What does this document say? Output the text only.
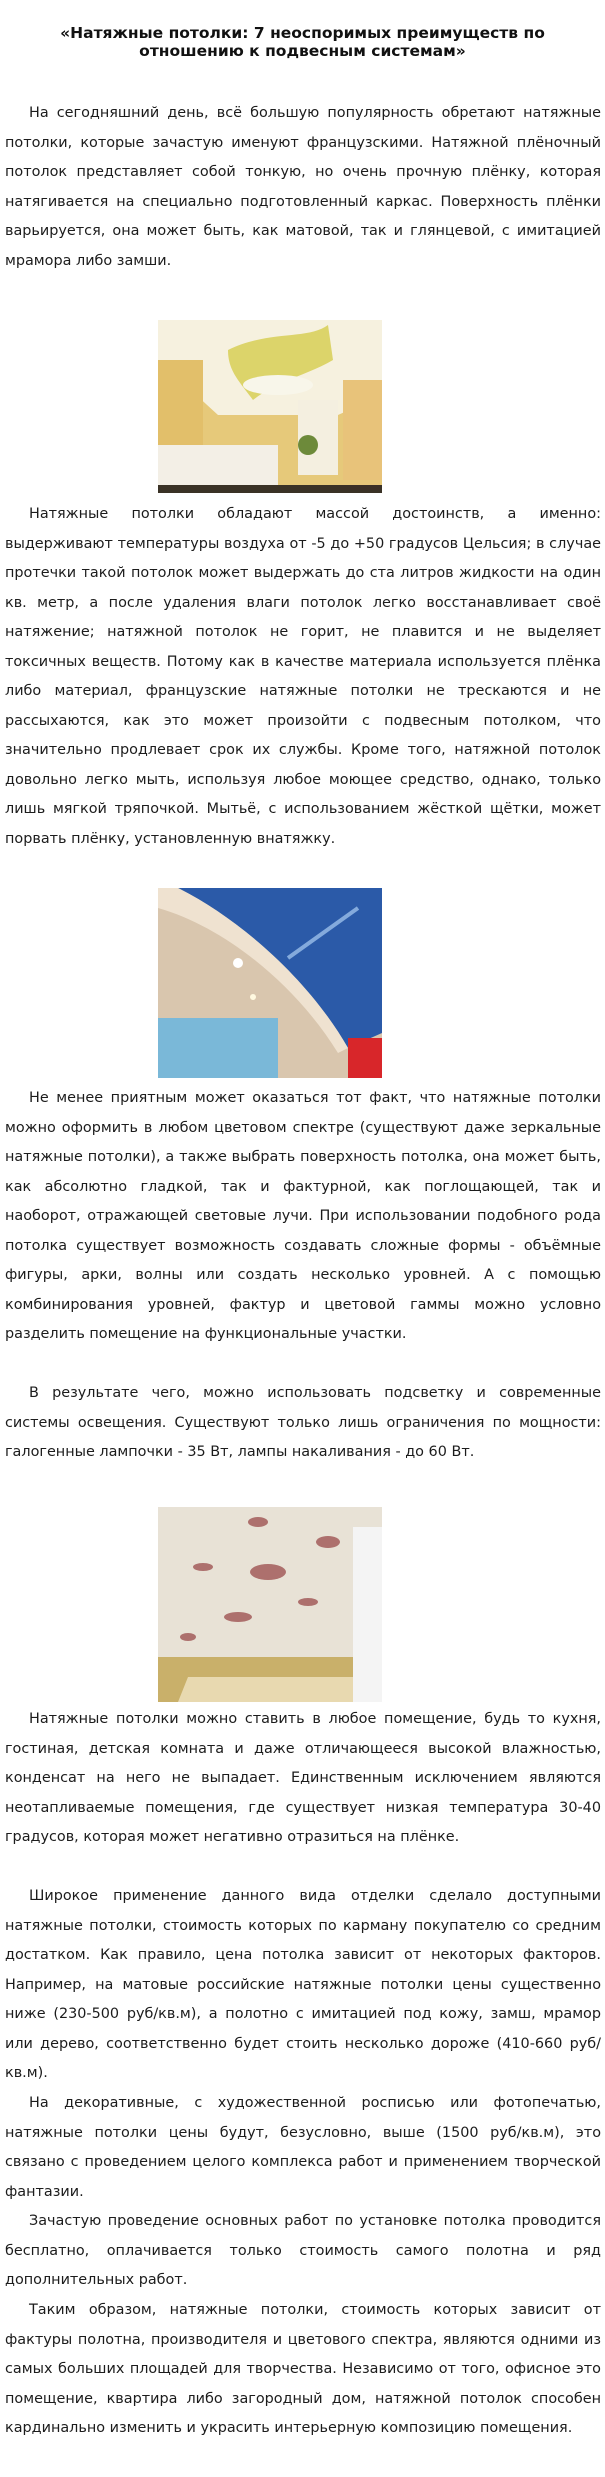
«Натяжные потолки: 7 неоспоримых преимуществ по отношению к подвесным системам»

На сегодняшний день, всё большую популярность обретают натяжные потолки, которые зачастую именуют французскими. Натяжной плёночный потолок представляет собой тонкую, но очень прочную плёнку, которая натягивается на специально подготовленный каркас. Поверхность плёнки варьируется, она может быть, как матовой, так и глянцевой, с имитацией мрамора либо замши.

Натяжные потолки обладают массой достоинств, а именно: выдерживают температуры воздуха от -5 до +50 градусов Цельсия; в случае протечки такой потолок может выдержать до ста литров жидкости на один кв. метр, а после удаления влаги потолок легко восстанавливает своё натяжение; натяжной потолок не горит, не плавится и не выделяет токсичных веществ. Потому как в качестве материала используется плёнка либо материал, французские натяжные потолки не трескаются и не рассыхаются, как это может произойти с подвесным потолком, что значительно продлевает срок их службы. Кроме того, натяжной потолок довольно легко мыть, используя любое моющее средство, однако, только лишь мягкой тряпочкой. Мытьё, с использованием жёсткой щётки, может порвать плёнку, установленную внатяжку.

Не менее приятным может оказаться тот факт, что натяжные потолки можно оформить в любом цветовом спектре (существуют даже зеркальные натяжные потолки), а также выбрать поверхность потолка, она может быть, как абсолютно гладкой, так и фактурной, как поглощающей, так и наоборот, отражающей световые лучи. При использовании подобного рода потолка существует возможность создавать сложные формы - объёмные фигуры, арки, волны или создать несколько уровней. А с помощью комбинирования уровней, фактур и цветовой гаммы можно условно разделить помещение на функциональные участки.

В результате чего, можно использовать подсветку и современные системы освещения. Существуют только лишь ограничения по мощности: галогенные лампочки - 35 Вт, лампы накаливания - до 60 Вт.

Натяжные потолки можно ставить в любое помещение, будь то кухня, гостиная, детская комната и даже отличающееся высокой влажностью, конденсат на него не выпадает. Единственным исключением являются неотапливаемые помещения, где существует низкая температура 30-40 градусов, которая может негативно отразиться на плёнке.

Широкое применение данного вида отделки сделало доступными натяжные потолки, стоимость которых по карману покупателю со средним достатком. Как правило, цена потолка зависит от некоторых факторов. Например, на матовые российские натяжные потолки цены существенно ниже (230-500 руб/кв.м), а полотно с имитацией под кожу, замш, мрамор или дерево, соответственно будет стоить несколько дороже (410-660 руб/кв.м).

На декоративные, с художественной росписью или фотопечатью, натяжные потолки цены будут, безусловно, выше (1500 руб/кв.м), это связано с проведением целого комплекса работ и применением творческой фантазии.

Зачастую проведение основных работ по установке потолка проводится бесплатно, оплачивается только стоимость самого полотна и ряд дополнительных работ.

Таким образом, натяжные потолки, стоимость которых зависит от фактуры полотна, производителя и цветового спектра, являются одними из самых больших площадей для творчества. Независимо от того, офисное это помещение, квартира либо загородный дом, натяжной потолок способен кардинально изменить и украсить интерьерную композицию помещения.
